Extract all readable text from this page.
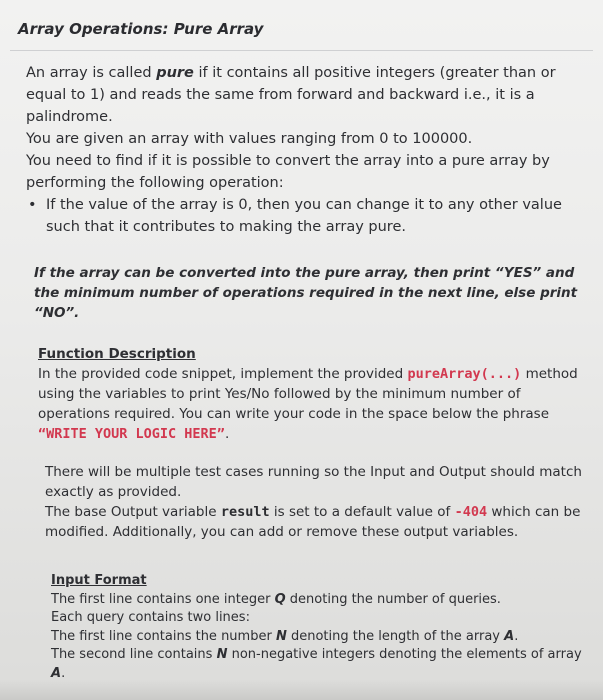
Array Operations: Pure Array

An array is called pure if it contains all positive integers (greater than or equal to 1) and reads the same from forward and backward i.e., it is a palindrome.

You are given an array with values ranging from 0 to 100000.

You need to find if it is possible to convert the array into a pure array by performing the following operation:

• If the value of the array is 0, then you can change it to any other value such that it contributes to making the array pure.

If the array can be converted into the pure array, then print “YES” and the minimum number of operations required in the next line, else print “NO”.
Function Description

In the provided code snippet, implement the provided pureArray(...) method using the variables to print Yes/No followed by the minimum number of operations required. You can write your code in the space below the phrase “WRITE YOUR LOGIC HERE”.

There will be multiple test cases running so the Input and Output should match exactly as provided.

The base Output variable result is set to a default value of -404 which can be modified. Additionally, you can add or remove these output variables.

Input Format

The first line contains one integer Q denoting the number of queries.

Each query contains two lines:

The first line contains the number N denoting the length of the array A.

The second line contains N non-negative integers denoting the elements of array A.
